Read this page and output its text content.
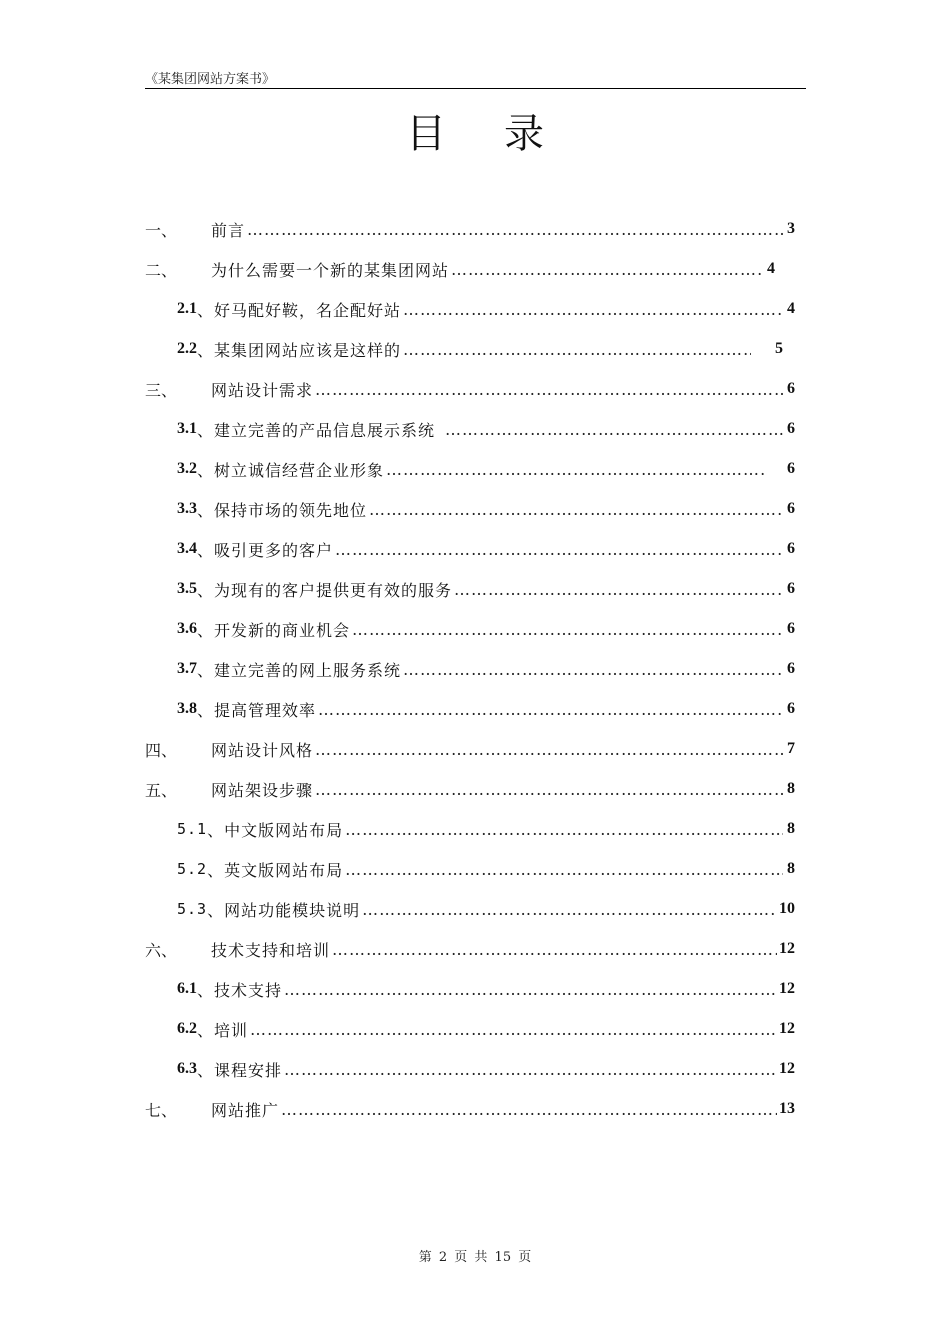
《某集团网站方案书》
目录
一、	前言 …………………………………………………………………………………………………………………………………………………………………………	3
二、	为什么需要一个新的某集团网站 …………………………………………………………………………………………………………………………………………………………………………	4
2.1 、好马配好鞍，名企配好站 …………………………………………………………………………………………………………………………………………………………………………	4
2.2 、某集团网站应该是这样的 …………………………………………………………………………………………………………………………………………………………………………	5
三、	网站设计需求 …………………………………………………………………………………………………………………………………………………………………………	6
3.1 、建立完善的产品信息展示系统 …………………………………………………………………………………………………………………………………………………………………………	6
3.2 、树立诚信经营企业形象 …………………………………………………………………………………………………………………………………………………………………………	6
3.3 、保持市场的领先地位 …………………………………………………………………………………………………………………………………………………………………………	6
3.4 、吸引更多的客户 …………………………………………………………………………………………………………………………………………………………………………	6
3.5 、为现有的客户提供更有效的服务 …………………………………………………………………………………………………………………………………………………………………………	6
3.6 、开发新的商业机会 …………………………………………………………………………………………………………………………………………………………………………	6
3.7 、建立完善的网上服务系统 …………………………………………………………………………………………………………………………………………………………………………	6
3.8 、提高管理效率 …………………………………………………………………………………………………………………………………………………………………………	6
四、	网站设计风格 …………………………………………………………………………………………………………………………………………………………………………	7
五、	网站架设步骤 …………………………………………………………………………………………………………………………………………………………………………	8
5.1 、中文版网站布局 …………………………………………………………………………………………………………………………………………………………………………	8
5.2 、英文版网站布局 …………………………………………………………………………………………………………………………………………………………………………	8
5.3 、网站功能模块说明 …………………………………………………………………………………………………………………………………………………………………………	10
六、	技术支持和培训 …………………………………………………………………………………………………………………………………………………………………………	12
6.1 、技术支持 …………………………………………………………………………………………………………………………………………………………………………	12
6.2 、培训 …………………………………………………………………………………………………………………………………………………………………………	12
6.3 、课程安排 …………………………………………………………………………………………………………………………………………………………………………	12
七、	网站推广 …………………………………………………………………………………………………………………………………………………………………………	13
第 2 页 共 15 页
